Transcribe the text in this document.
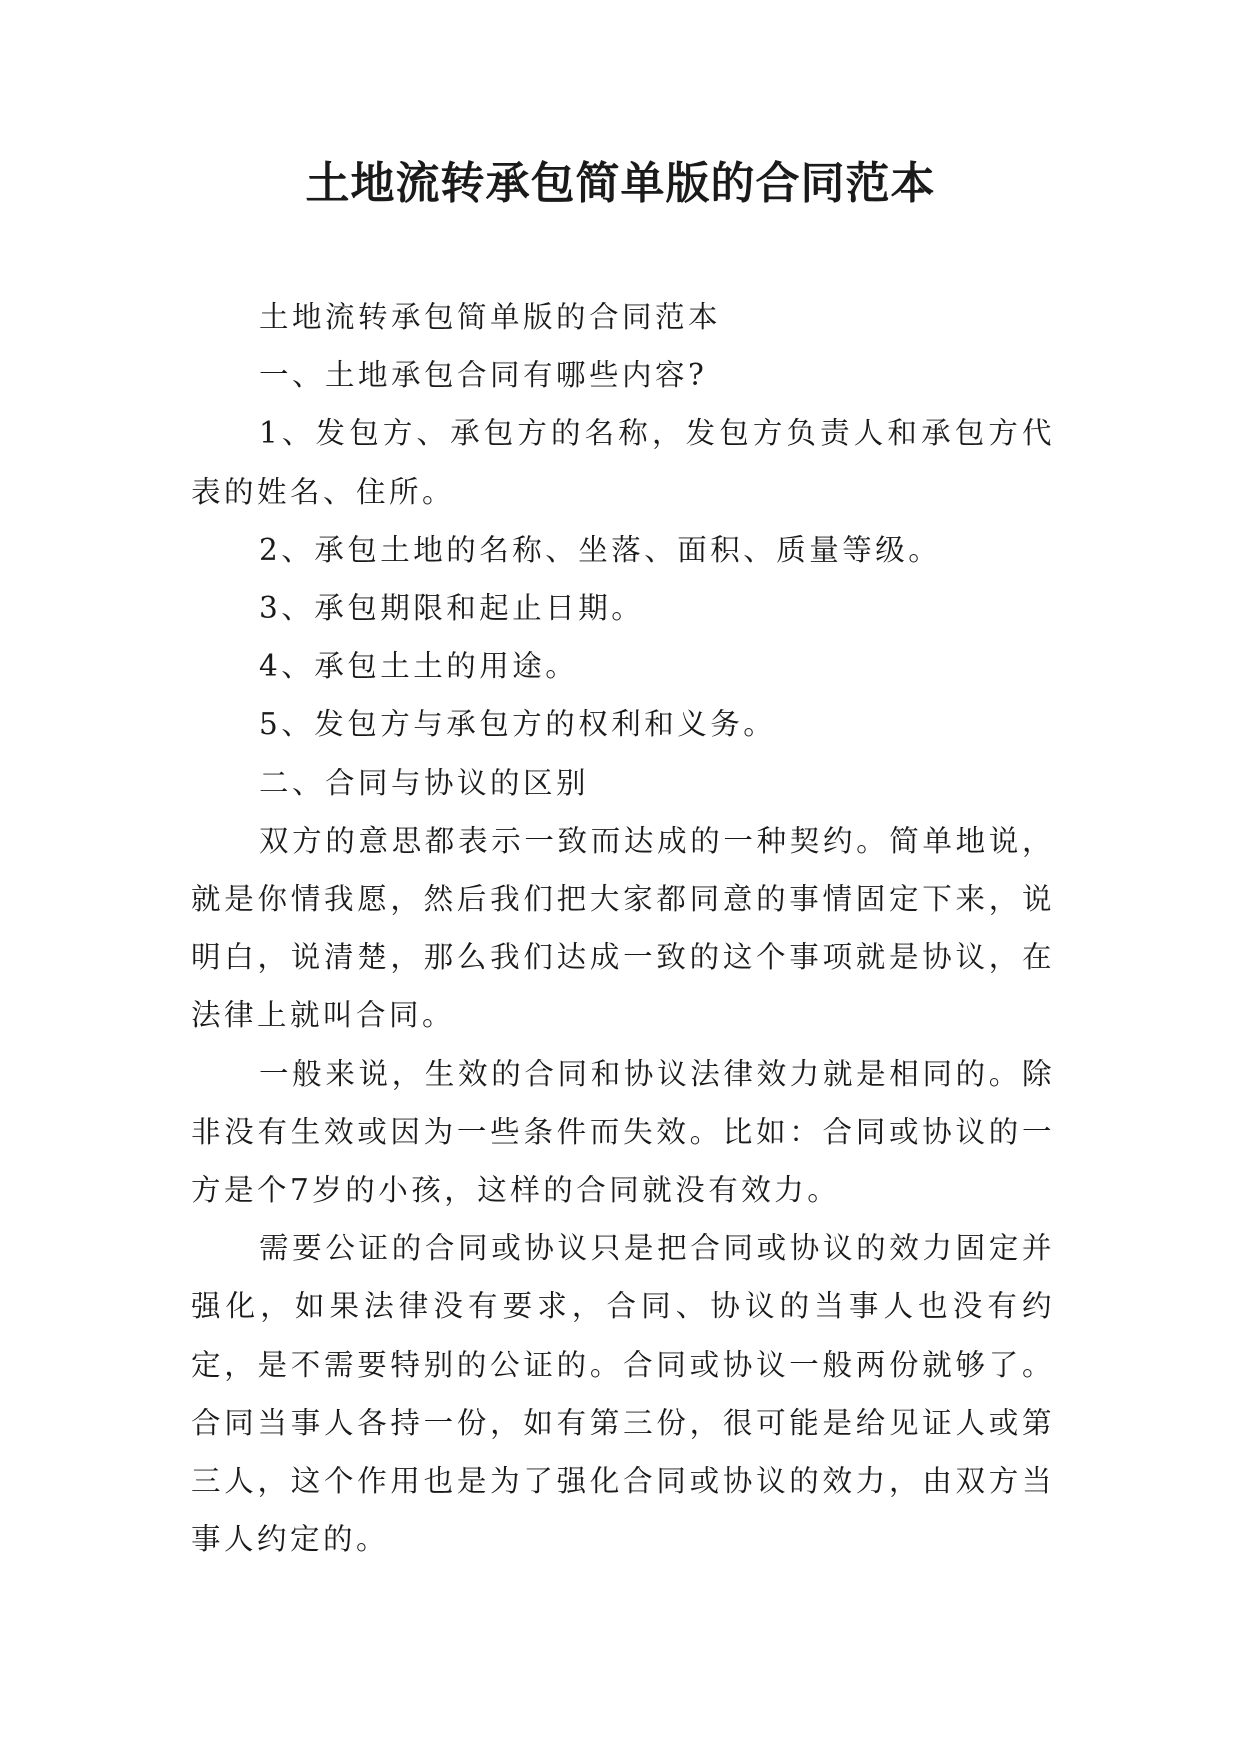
土地流转承包简单版的合同范本

土地流转承包简单版的合同范本

一、土地承包合同有哪些内容?

1、发包方、承包方的名称，发包方负责人和承包方代表的姓名、住所。

2、承包土地的名称、坐落、面积、质量等级。

3、承包期限和起止日期。

4、承包土土的用途。

5、发包方与承包方的权利和义务。

二、合同与协议的区别

双方的意思都表示一致而达成的一种契约。简单地说，就是你情我愿，然后我们把大家都同意的事情固定下来，说明白，说清楚，那么我们达成一致的这个事项就是协议，在法律上就叫合同。

一般来说，生效的合同和协议法律效力就是相同的。除非没有生效或因为一些条件而失效。比如：合同或协议的一方是个7岁的小孩，这样的合同就没有效力。

需要公证的合同或协议只是把合同或协议的效力固定并强化，如果法律没有要求，合同、协议的当事人也没有约定，是不需要特别的公证的。合同或协议一般两份就够了。合同当事人各持一份，如有第三份，很可能是给见证人或第三人，这个作用也是为了强化合同或协议的效力，由双方当事人约定的。
